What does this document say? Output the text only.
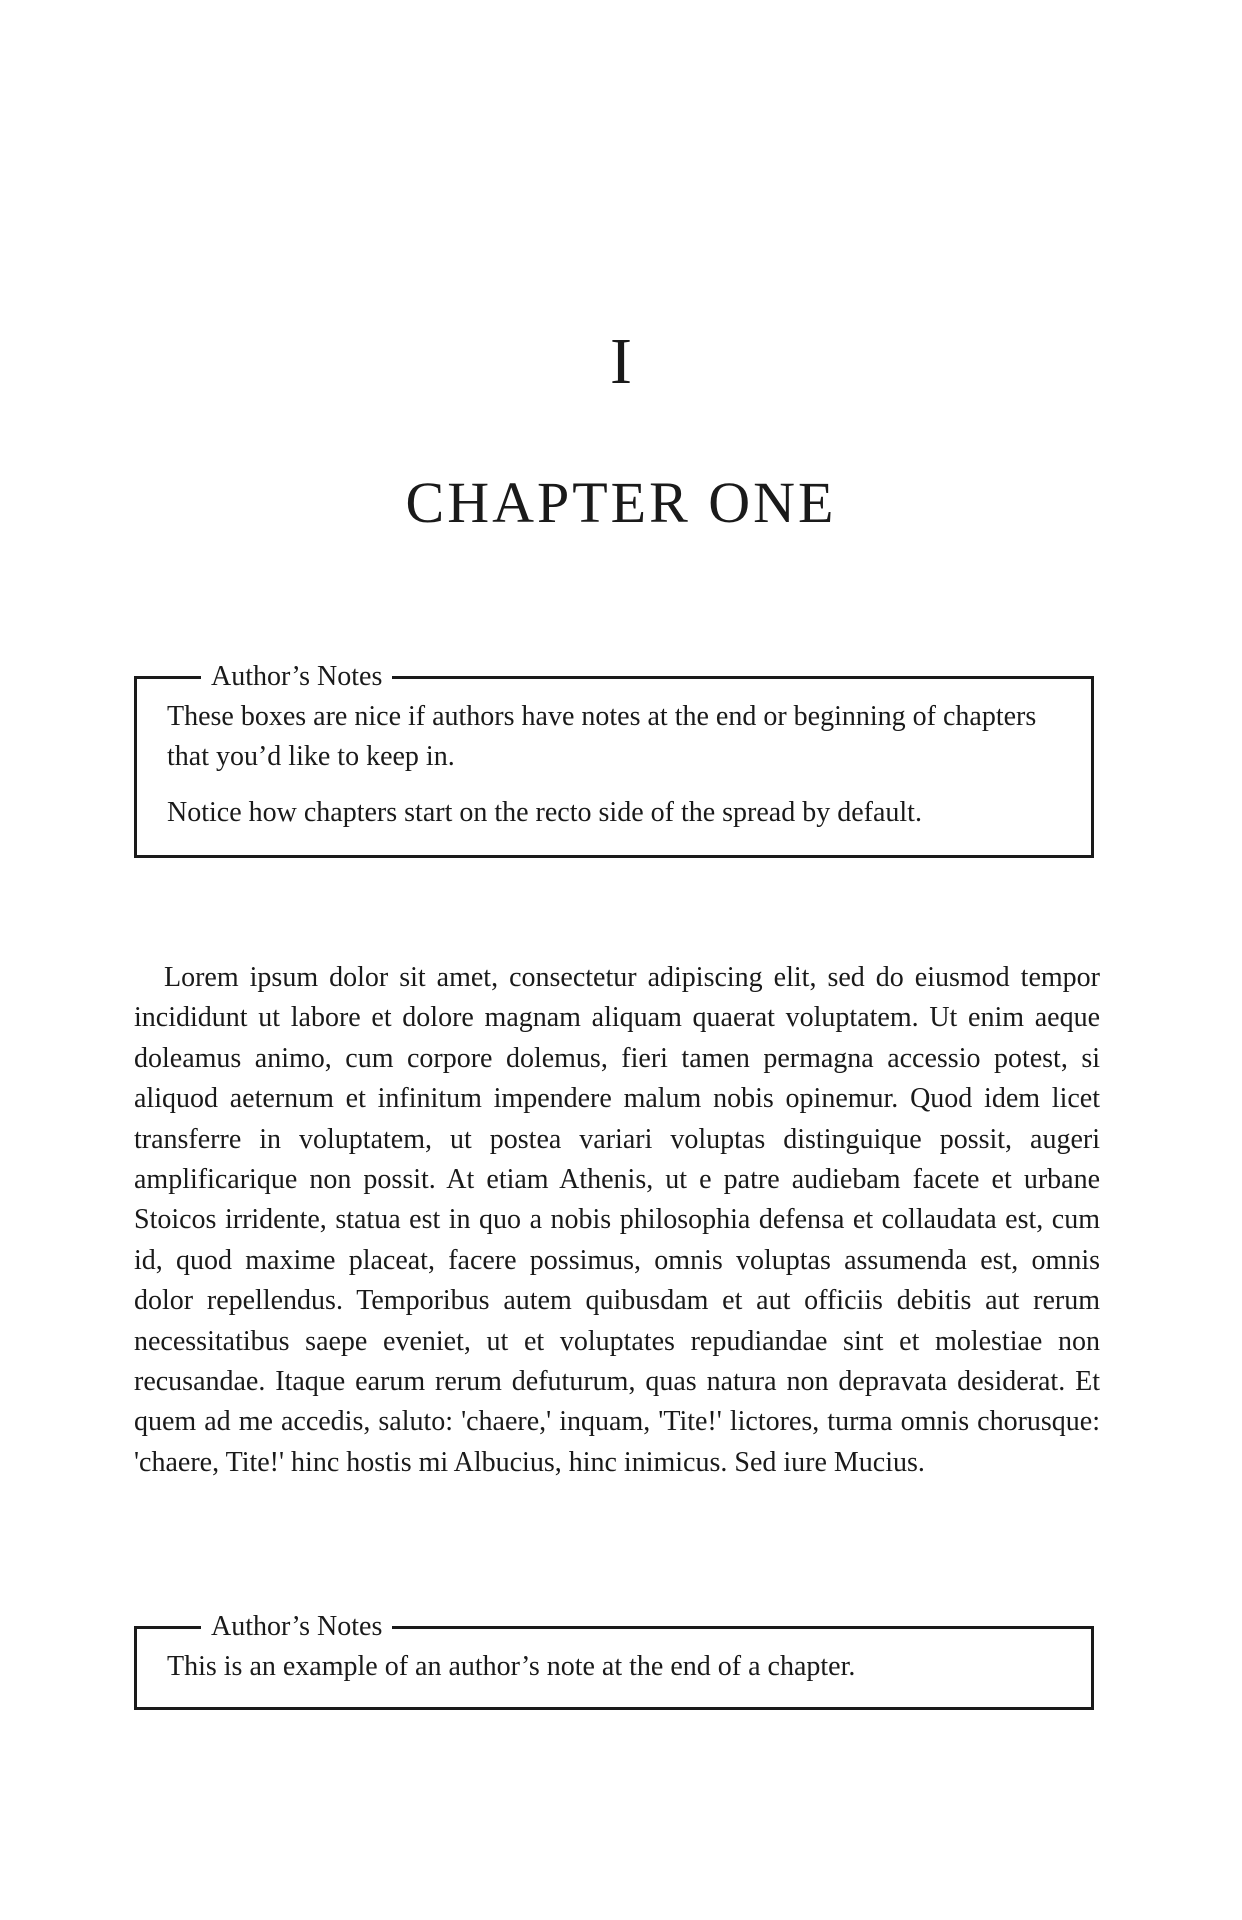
I
CHAPTER ONE
Author’s Notes

These boxes are nice if authors have notes at the end or beginning of chapters that you’d like to keep in.

Notice how chapters start on the recto side of the spread by default.

Lorem ipsum dolor sit amet, consectetur adipiscing elit, sed do eiusmod tempor incididunt ut labore et dolore magnam aliquam quaerat voluptatem. Ut enim aeque doleamus animo, cum corpore dolemus, fieri tamen permagna accessio potest, si aliquod aeternum et infinitum impendere malum nobis opinemur. Quod idem licet transferre in voluptatem, ut postea variari voluptas distinguique possit, augeri amplificarique non possit. At etiam Athenis, ut e patre audiebam facete et urbane Stoicos irridente, statua est in quo a nobis philosophia defensa et collaudata est, cum id, quod maxime placeat, facere possimus, omnis voluptas assumenda est, omnis dolor repellendus. Temporibus autem quibusdam et aut officiis debitis aut rerum necessitatibus saepe eveniet, ut et voluptates repudiandae sint et molestiae non recusandae. Itaque earum rerum defuturum, quas natura non depravata desiderat. Et quem ad me accedis, saluto: 'chaere,' inquam, 'Tite!' lictores, turma omnis chorusque: 'chaere, Tite!' hinc hostis mi Albucius, hinc inimicus. Sed iure Mucius.

Author’s Notes

This is an example of an author’s note at the end of a chapter.
